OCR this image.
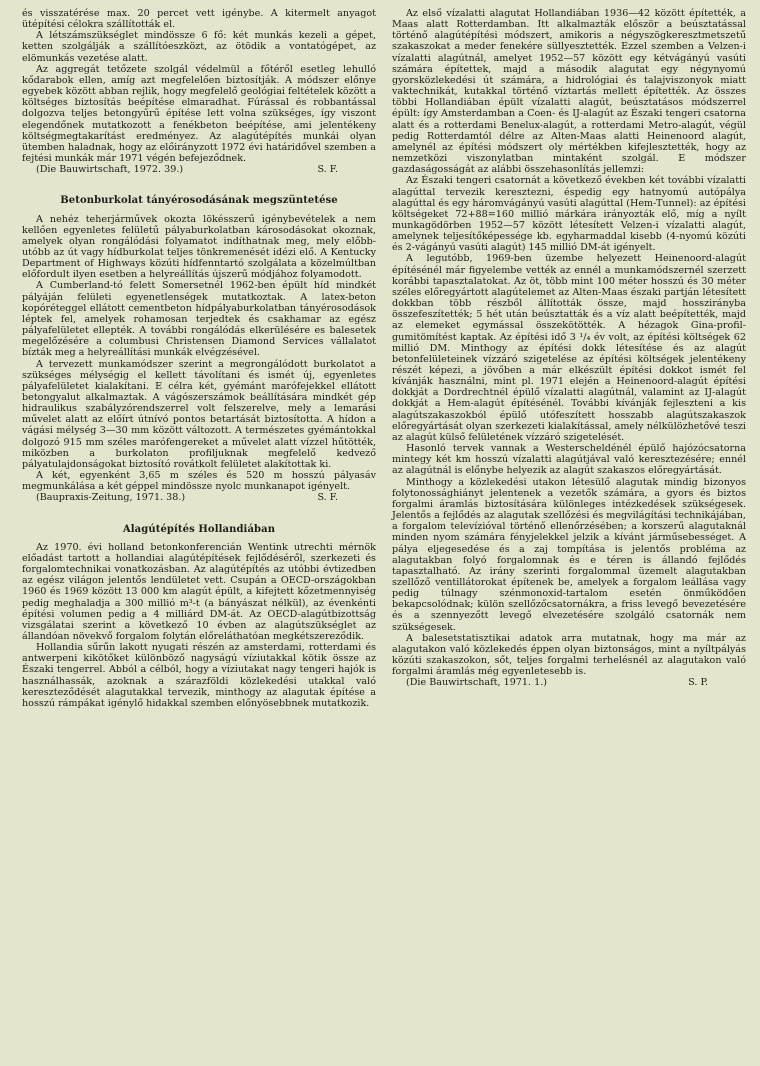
és visszatérése max. 20 percet vett igénybe. A kitermelt anyagot ütépítési célokra szállították el.

A létszámszükséglet mindössze 6 fő: két munkás kezeli a gépet, ketten szolgálják a szállítóeszközt, az ötödik a vontatógépet, az elömunkás vezetése alatt.

Az aggregát tetőzete szolgál védelmül a főtéről esetleg lehulló kődarabok ellen, amíg azt megfelelően biztosítják. A módszer előnye egyebek között abban rejlik, hogy megfelelő geológiai feltételek között a költséges biztosítás beépítése elmaradhat. Fúrással és robbantással dolgozva teljes betongyűrű építése lett volna szükséges, így viszont elegendőnek mutatkozott a fenékbeton beépítése, ami jelentékeny költségmegtakarítást eredményez. Az alagútépítés munkái olyan ütemben haladnak, hogy az előirányzott 1972 évi határidővel szemben a fejtési munkák már 1971 végén befejeződnek.

(Die Bauwirtschaft, 1972. 39.)	S. F.
Betonburkolat tányérosodásának megszüntetése

A nehéz teherjárművek okozta lökésszerű igénybevételek a nem kellően egyenletes felületű pályaburkolatban károsodásokat okoznak, amelyek olyan rongálódási folyamatot indíthatnak meg, mely előbb-utóbb az út vagy hídburkolat teljes tönkremenését idézi elő. A Kentucky Department of Highways közúti hídfenntartó szolgálata a közelmúltban előfordult ilyen esetben a helyreállítás újszerű módjához folyamodott.

A Cumberland-tó felett Somersetnél 1962-ben épült híd mindkét pályáján felületi egyenetlenségek mutatkoztak. A latex-beton kopóréteggel ellátott cementbeton hídpályaburkolatban tányérosodások léptek fel, amelyek rohamosan terjedtek és csakhamar az egész pályafelületet ellepték. A további rongálódás elkerülésére es balesetek megelőzésére a columbusi Christensen Diamond Services vállalatot bízták meg a helyreállítási munkák elvégzésével.

A tervezett munkamódszer szerint a megrongálódott burkolatot a szükséges mélységig el kellett távolítani és ismét új, egyenletes pályafelületet kialakítani. E célra két, gyémánt marófejekkel ellátott betongyalut alkalmaztak. A vágószerszámok beállítására mindkét gép hidraulikus szabályzórendszerrel volt felszerelve, mely a lemarási művelet alatt az előírt útnívó pontos betartását biztosította. A hídon a vágási mélység 3—30 mm között változott. A természetes gyémántokkal dolgozó 915 mm széles marófengereket a művelet alatt vízzel hűtötték, miközben a burkolaton profiljuknak megfelelő kedvező pályatulajdonságokat biztosító rovátkolt felületet alakítottak ki.

A két, egyenként 3,65 m széles és 520 m hosszú pályasáv megmunkálása a két géppel mindössze nyolc munkanapot igényelt.

(Baupraxis-Zeitung, 1971. 38.)	S. F.
Alagútépítés Hollandiában

Az 1970. évi holland betonkonferencián Wentink utrechti mérnök előadást tartott a hollandiai alagútépítések fejlődéséről, szerkezeti és forgalomtechnikai vonatkozásban. Az alagútépítés az utóbbi évtizedben az egész világon jelentős lendületet vett. Csupán a OECD-országokban 1960 és 1969 között 13 000 km alagút épült, a kifejtett kőzetmennyiség pedig meghaladja a 300 millió m³-t (a bányászat nélkül), az évenkénti építési volumen pedig a 4 milliárd DM-át. Az OECD-alagútbizottság vizsgálatai szerint a következő 10 évben az alagútszükséglet az állandóan növekvő forgalom folytán előreláthatóan megkétszereződik.

Hollandia sűrűn lakott nyugati részén az amsterdami, rotterdami és antwerpeni kikötőket különböző nagyságú víziutakkal kötik össze az Északi tengerrel. Abból a célból, hogy a víziutakat nagy tengeri hajók is használhassák, azoknak a szárazföldi közlekedési utakkal való kereszteződését alagutakkal tervezik, minthogy az alagutak építése a hosszú rámpákat igénylő hidakkal szemben előnyösebbnek mutatkozik.

Az első vízalatti alagutat Hollandiában 1936—42 között építették, a Maas alatt Rotterdamban. Itt alkalmazták először a beúsztatással történő alagútépítési módszert, amikoris a négyszögkeresztmetszetű szakaszokat a meder fenekére süllyesztették. Ezzel szemben a Velzen-i vízalatti alagútnál, amelyet 1952—57 között egy kétvágányú vasúti számára építettek, majd a második alagutat egy négynyomú gyorsközlekedési út számára, a hidrológiai és talajviszonyok miatt vaktechnikát, kutakkal történő víztartás mellett építették. Az összes többi Hollandiában épült vízalatti alagút, beúsztatásos módszerrel épült: így Amsterdamban a Coen- és IJ-alagút az Északi tengeri csatorna alatt és a rotterdami Benelux-alagút, a rotterdami Metro-alagút, végül pedig Rotterdamtól délre az Alten-Maas alatti Heinenoord alagút, amelynél az építési módszert oly mértékben kifejlesztették, hogy az nemzetközi viszonylatban mintaként szolgál. E módszer gazdaságosságát az alábbi összehasonlítás jellemzi:

Az Északi tengeri csatornát a következő években két további vízalatti alagúttal tervezik keresztezni, éspedig egy hatnyomú autópálya alagúttal és egy háromvágányú vasúti alagúttal (Hem-Tunnel): az építési költségeket 72+88=160 millió márkára irányozták elő, míg a nyílt munkagödörben 1952—57 között létesített Velzen-i vízalatti alagút, amelynek teljesítőképessége kb. egyharmaddal kisebb (4-nyomú közúti és 2-vágányú vasúti alagút) 145 millió DM-át igényelt.

A legutóbb, 1969-ben üzembe helyezett Heinenoord-alagút építésénél már figyelembe vették az ennél a munkamódszernél szerzett korábbi tapasztalatokat. Az öt, több mint 100 méter hosszú és 30 méter széles előregyártott alagútelemet az Alten-Maas északi partján létesített dokkban több részből állították össze, majd hosszirányba összefeszítették; 5 hét után beúsztatták és a víz alatt beépítették, majd az elemeket egymással összekötötték. A hézagok Gina-profil-gumitömítést kaptak. Az építési idő 3 ¹/₄ év volt, az építési költségek 62 millió DM. Minthogy az építési dokk létesítése és az alagút betonfelületeinek vízzáró szigetelése az építési költségek jelentékeny részét képezi, a jövőben a már elkészült építési dokkot ismét fel kívánják használni, mint pl. 1971 elején a Heinenoord-alagút építési dokkját a Dordrechtnél épülő vízalatti alagútnál, valamint az IJ-alagút dokkját a Hem-alagút építésénél. További kívánják fejleszteni a kis alagútszakaszokból épülő utófeszített hosszabb alagútszakaszok előregyártását olyan szerkezeti kialakítással, amely nélkülözhetővé teszi az alagút külső felületének vízzáró szigetelését.

Hasonló tervek vannak a Westerscheldénél épülő hajózócsatorna mintegy két km hosszú vízalatti alagútjával való keresztezésére; ennél az alagútnál is előnybe helyezik az alagút szakaszos előregyártását.

Minthogy a közlekedési utakon létesülő alagutak mindig bizonyos folytonossághiányt jelentenek a vezetők számára, a gyors és biztos forgalmi áramlás biztosítására különleges intézkedések szükségesek. Jelentős a fejlődés az alagutak szellőzési és megvilágítási technikájában, a forgalom televízióval történő ellenőrzésében; a korszerű alagutaknál minden nyom számára fényjelekkel jelzik a kívánt járműsebességet. A pálya eljegesedése és a zaj tompítása is jelentős probléma az alagutakban folyó forgalomnak és e téren is állandó fejlődés tapasztalható. Az irány szerinti forgalommal üzemelt alagutakban szellőző ventillátorokat építenek be, amelyek a forgalom leállása vagy pedig túlnagy szénmonoxid-tartalom esetén önműködően bekapcsolódnak; külön szellőzőcsatornákra, a friss levegő bevezetésére és a szennyezőtt levegő elvezetésére szolgáló csatornák nem szükségesek.

A balesetstatisztikai adatok arra mutatnak, hogy ma már az alagutakon való közlekedés éppen olyan biztonságos, mint a nyíltpályás közúti szakaszokon, sőt, teljes forgalmi terhelésnél az alagutakon való forgalmi áramlás még egyenletesebb is.

(Die Bauwirtschaft, 1971. 1.)	S. P.
